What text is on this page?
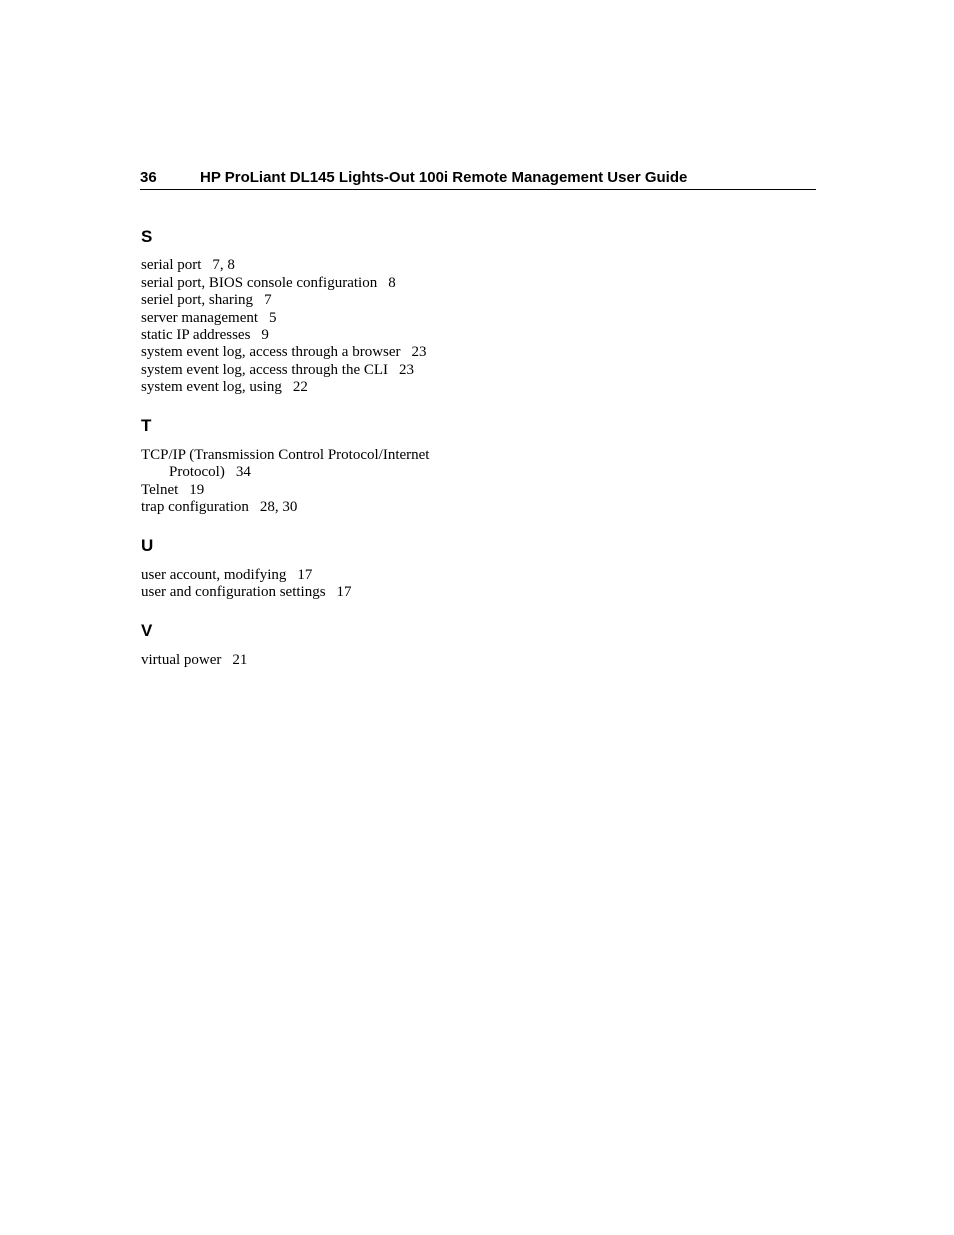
36	HP ProLiant DL145 Lights-Out 100i Remote Management User Guide
S
serial port 7, 8
serial port, BIOS console configuration 8
seriel port, sharing 7
server management 5
static IP addresses 9
system event log, access through a browser 23
system event log, access through the CLI 23
system event log, using 22
T
TCP/IP (Transmission Control Protocol/Internet
Protocol) 34
Telnet 19
trap configuration 28, 30
U
user account, modifying 17
user and configuration settings 17
V
virtual power 21
